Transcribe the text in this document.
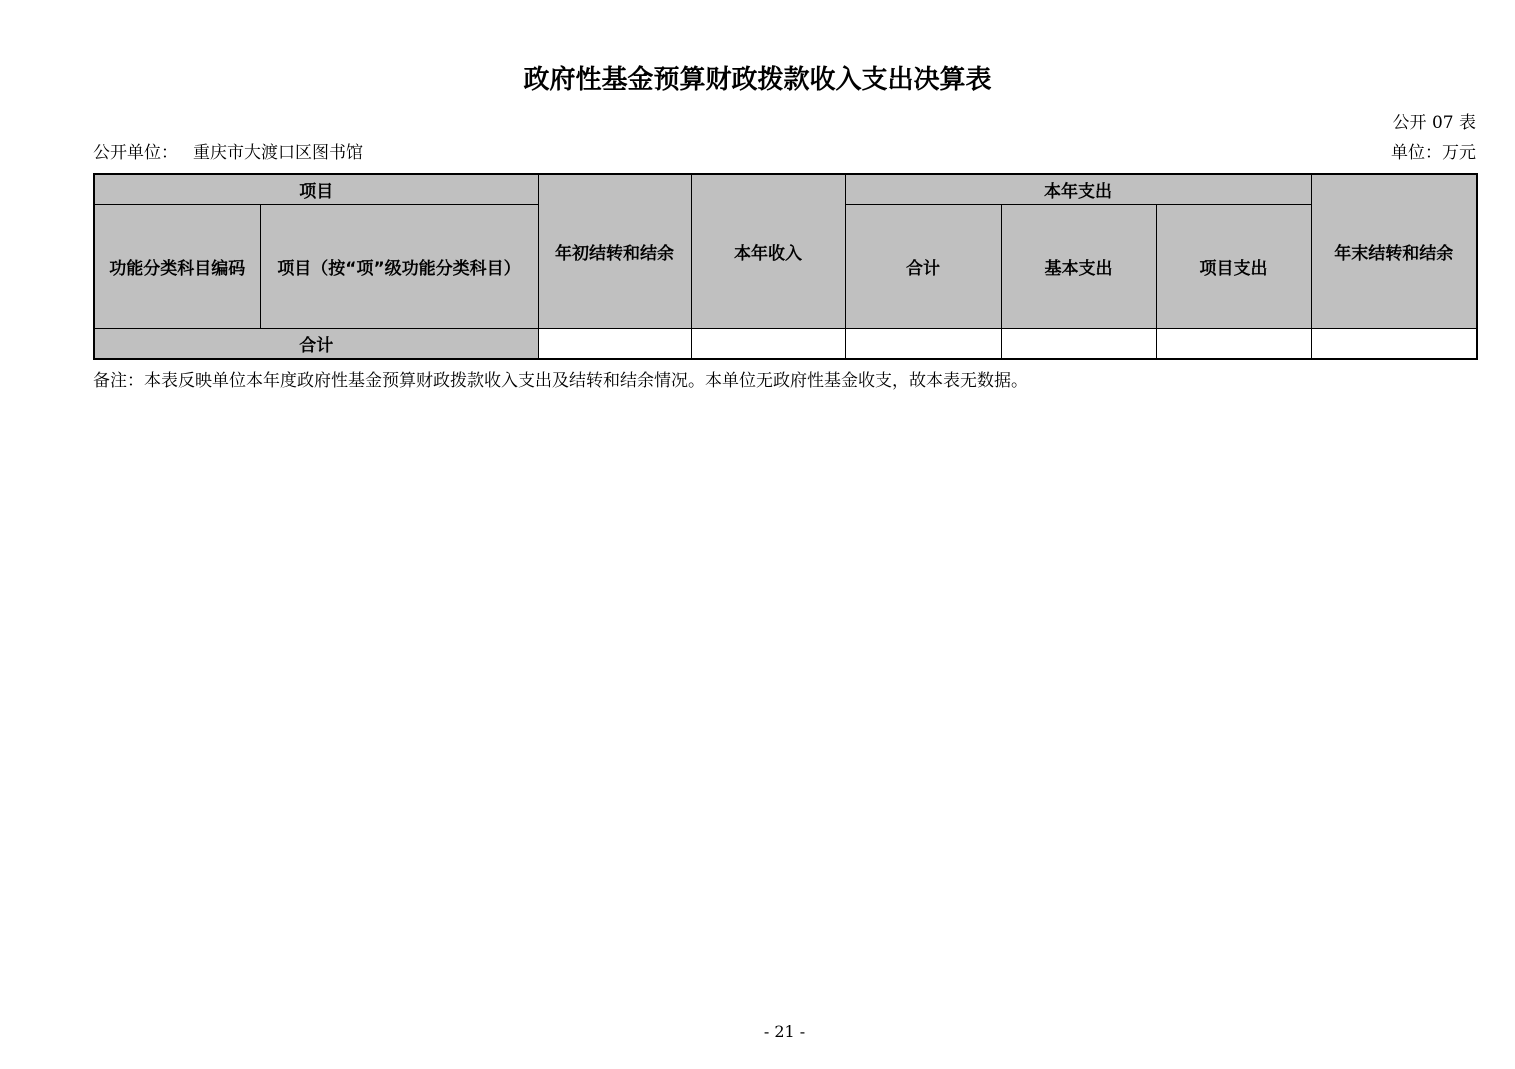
政府性基金预算财政拨款收入支出决算表
公开 07 表
公开单位： 重庆市大渡口区图书馆	单位：万元
项目		年初结转和结余	本年收入	本年支出			年末结转和结余
功能分类科目编码	项目（按“项”级功能分类科目）			合计	基本支出	项目支出	
合计							
备注：本表反映单位本年度政府性基金预算财政拨款收入支出及结转和结余情况。本单位无政府性基金收支，故本表无数据。
- 21 -
